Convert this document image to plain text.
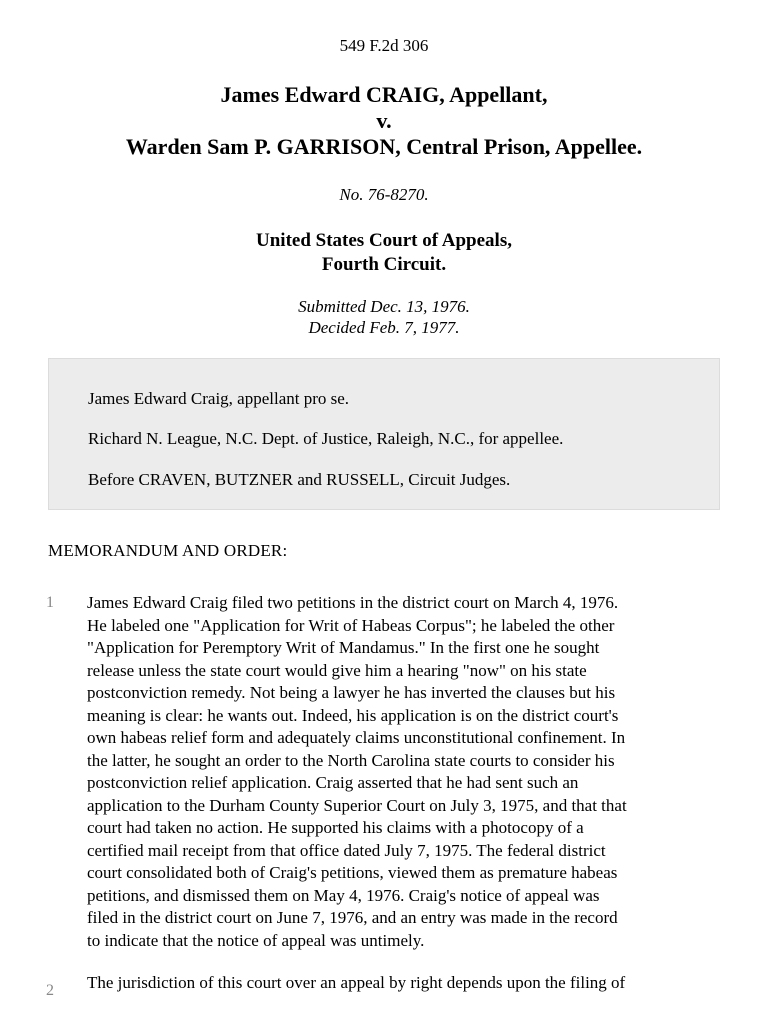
549 F.2d 306
James Edward CRAIG, Appellant,
v.
Warden Sam P. GARRISON, Central Prison, Appellee.
No. 76-8270.
United States Court of Appeals,
Fourth Circuit.
Submitted Dec. 13, 1976.
Decided Feb. 7, 1977.
James Edward Craig, appellant pro se.
Richard N. League, N.C. Dept. of Justice, Raleigh, N.C., for appellee.
Before CRAVEN, BUTZNER and RUSSELL, Circuit Judges.
MEMORANDUM AND ORDER:
1 James Edward Craig filed two petitions in the district court on March 4, 1976.
He labeled one "Application for Writ of Habeas Corpus"; he labeled the other
"Application for Peremptory Writ of Mandamus." In the first one he sought
release unless the state court would give him a hearing "now" on his state
postconviction remedy. Not being a lawyer he has inverted the clauses but his
meaning is clear: he wants out. Indeed, his application is on the district court's
own habeas relief form and adequately claims unconstitutional confinement. In
the latter, he sought an order to the North Carolina state courts to consider his
postconviction relief application. Craig asserted that he had sent such an
application to the Durham County Superior Court on July 3, 1975, and that that
court had taken no action. He supported his claims with a photocopy of a
certified mail receipt from that office dated July 7, 1975. The federal district
court consolidated both of Craig's petitions, viewed them as premature habeas
petitions, and dismissed them on May 4, 1976. Craig's notice of appeal was
filed in the district court on June 7, 1976, and an entry was made in the record
to indicate that the notice of appeal was untimely.
2 The jurisdiction of this court over an appeal by right depends upon the filing of
